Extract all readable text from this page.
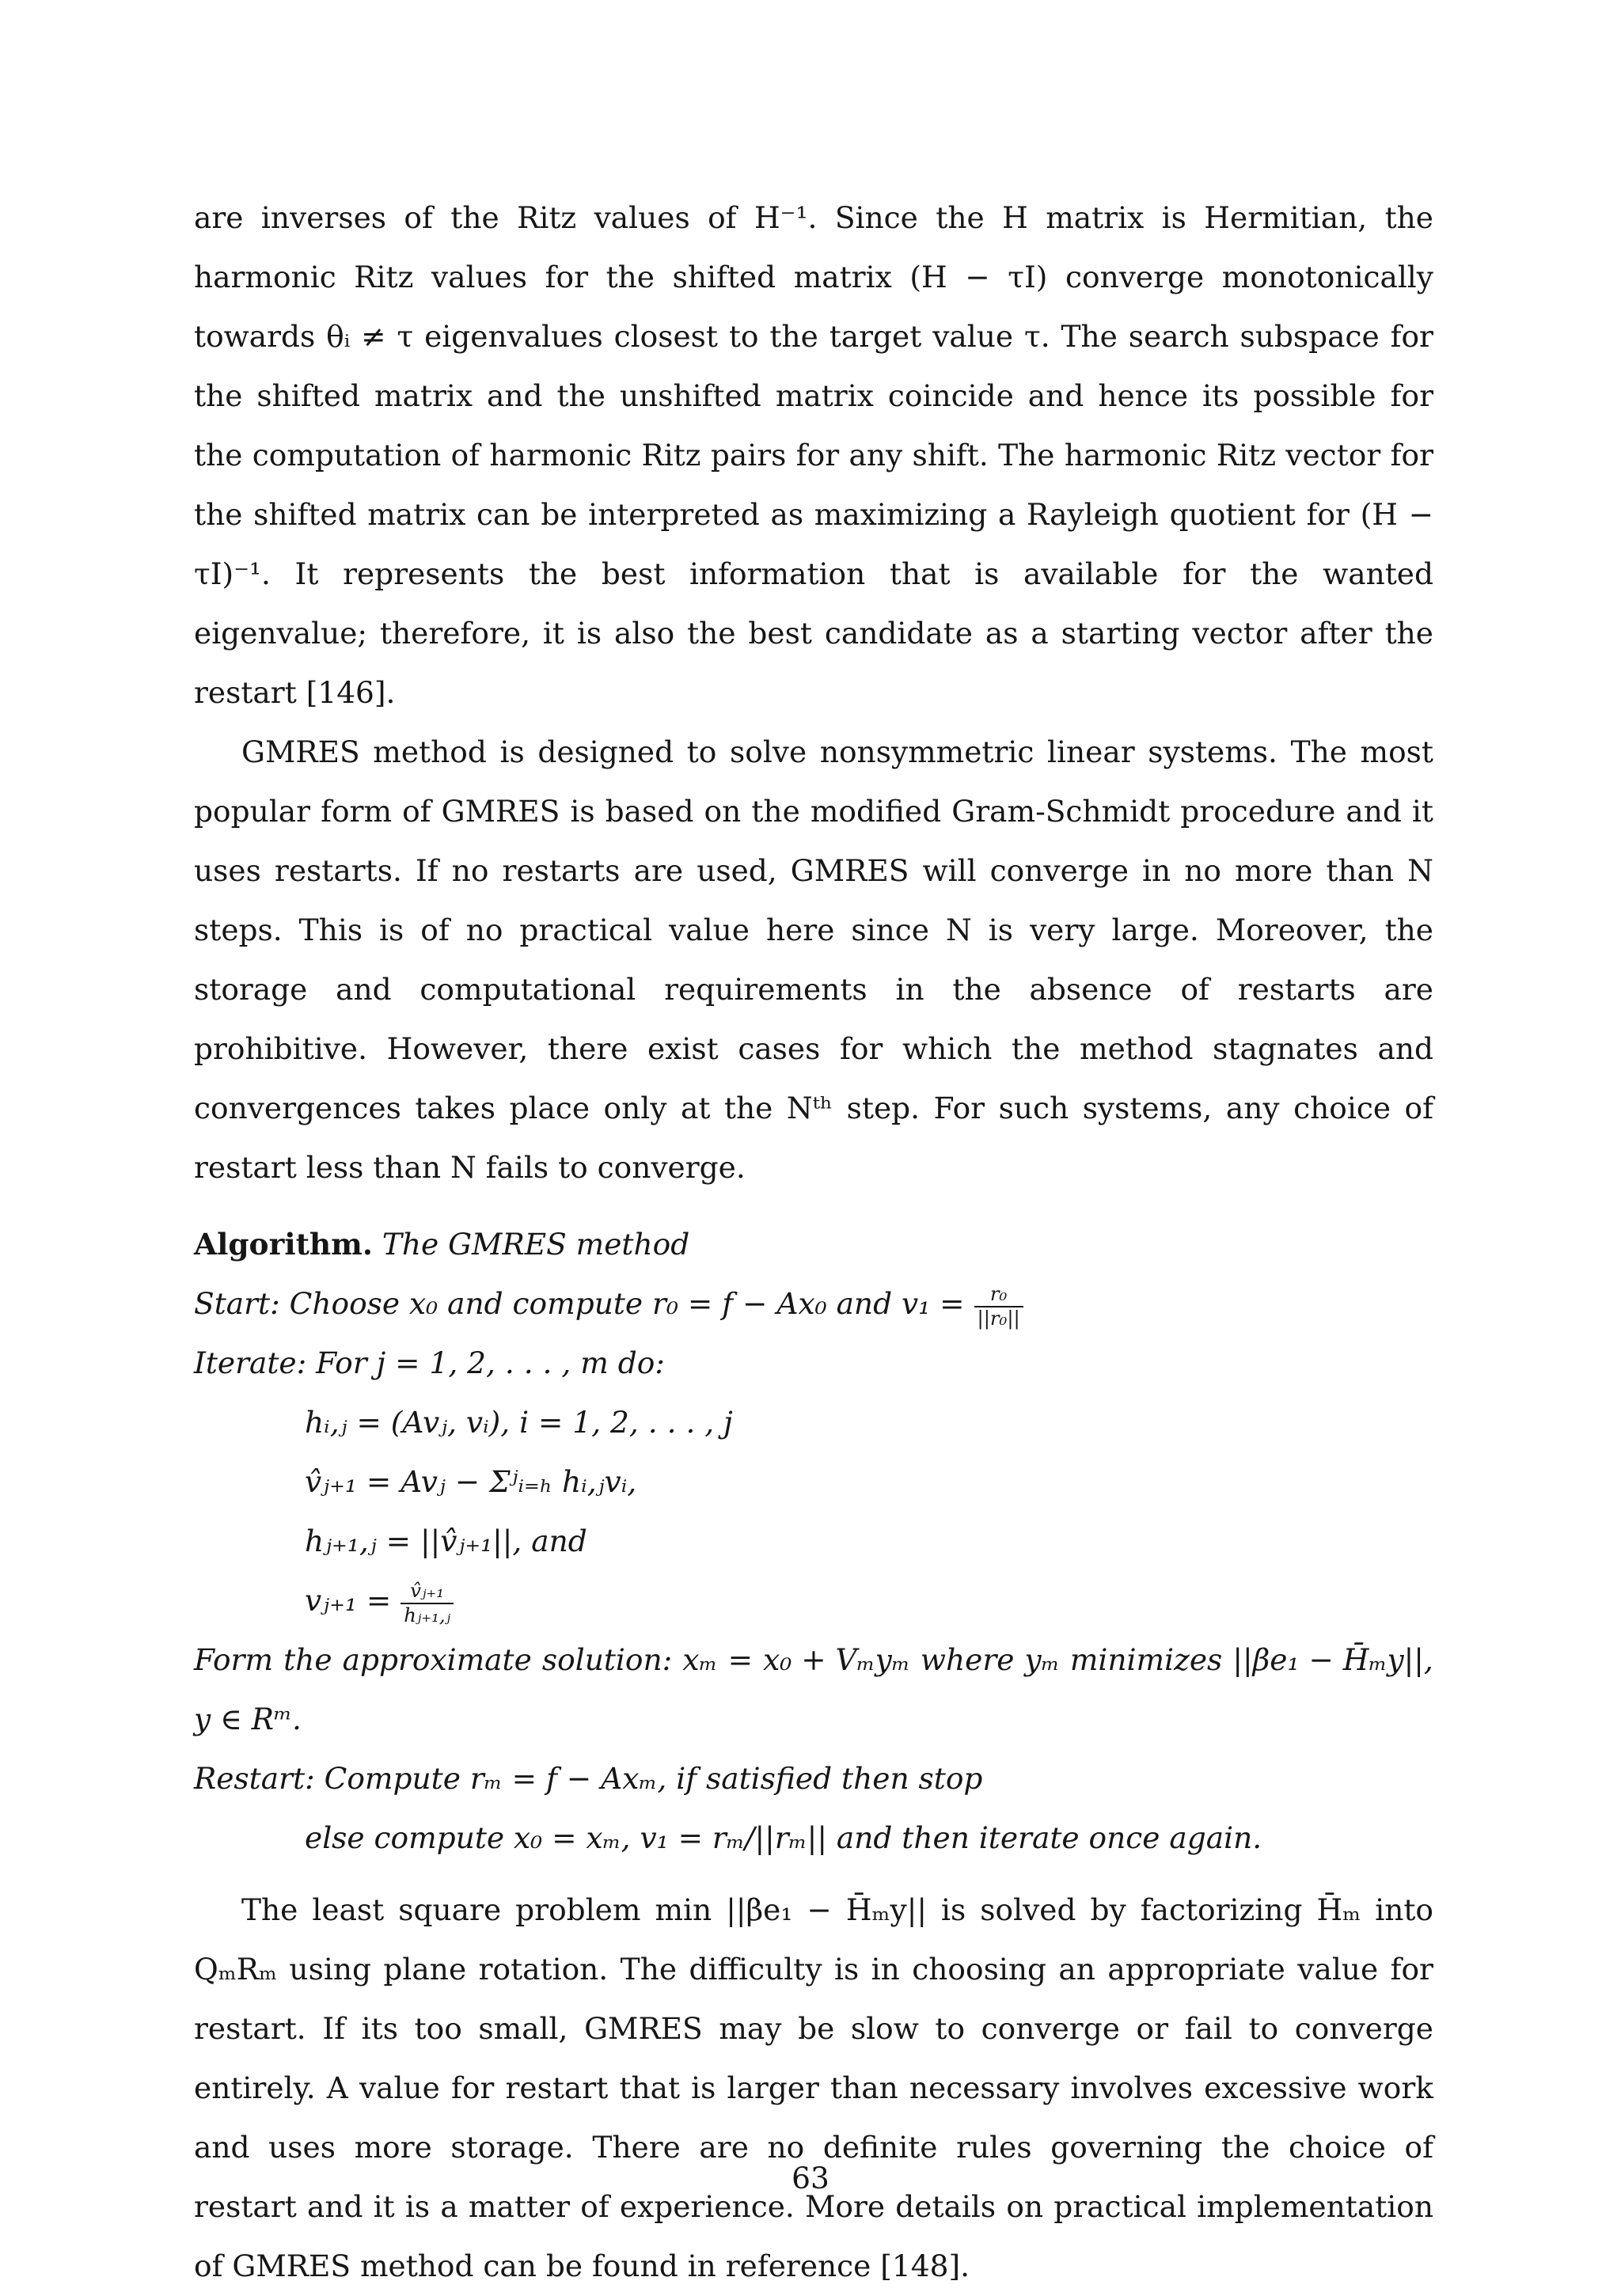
are inverses of the Ritz values of H⁻¹. Since the H matrix is Hermitian, the harmonic Ritz values for the shifted matrix (H − τI) converge monotonically towards θᵢ ≠ τ eigenvalues closest to the target value τ. The search subspace for the shifted matrix and the unshifted matrix coincide and hence its possible for the computation of harmonic Ritz pairs for any shift. The harmonic Ritz vector for the shifted matrix can be interpreted as maximizing a Rayleigh quotient for (H − τI)⁻¹. It represents the best information that is available for the wanted eigenvalue; therefore, it is also the best candidate as a starting vector after the restart [146].

GMRES method is designed to solve nonsymmetric linear systems. The most popular form of GMRES is based on the modified Gram-Schmidt procedure and it uses restarts. If no restarts are used, GMRES will converge in no more than N steps. This is of no practical value here since N is very large. Moreover, the storage and computational requirements in the absence of restarts are prohibitive. However, there exist cases for which the method stagnates and convergences takes place only at the Nᵗʰ step. For such systems, any choice of restart less than N fails to converge.

Algorithm. The GMRES method
Start: Choose x₀ and compute r₀ = f − Ax₀ and $v_1 = \frac{\text{r₀}}{\text{||r₀||}}$
Iterate: For j = 1, 2, . . . , m do:
hᵢ,ⱼ = (Avⱼ, vᵢ), i = 1, 2, . . . , j
v̂ⱼ₊₁ = Avⱼ − Σʲᵢ₌ₕ hᵢ,ⱼvᵢ,
hⱼ₊₁,ⱼ = ||v̂ⱼ₊₁||, and
vⱼ₊₁ = $\frac{\text{v̂ⱼ₊₁}}{\text{hⱼ₊₁,ⱼ}}$
Form the approximate solution: xₘ = x₀ + Vₘyₘ where yₘ minimizes ||βe₁ − H̄ₘy||,
y ∈ Rᵐ.
Restart: Compute rₘ = f − Axₘ, if satisfied then stop
else compute x₀ = xₘ, v₁ = rₘ/||rₘ|| and then iterate once again.

The least square problem min ||βe₁ − H̄ₘy|| is solved by factorizing H̄ₘ into QₘRₘ using plane rotation. The difficulty is in choosing an appropriate value for restart. If its too small, GMRES may be slow to converge or fail to converge entirely. A value for restart that is larger than necessary involves excessive work and uses more storage. There are no definite rules governing the choice of restart and it is a matter of experience. More details on practical implementation of GMRES method can be found in reference [148].

63
